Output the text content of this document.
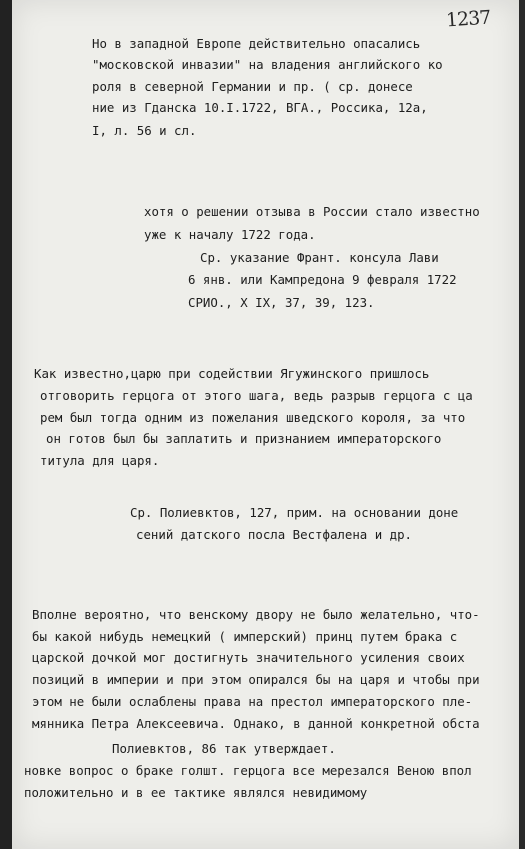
1237
Но в западной Европе действительно опасались
"московской инвазии" на владения английского ко
роля в северной Германии и пр. ( ср. донесе
ние из Гданска 10.I.1722, ВГА., Россика, 12а,
I, л. 56 и сл.
хотя о решении отзыва в России стало известно
уже к началу 1722 года.
Ср. указание Франт. консула Лави
6 янв. или Кампредона 9 февраля 1722
СРИО., X IX, 37, 39, 123.
Как известно,царю при содействии Ягужинского пришлось
отговорить герцога от этого шага, ведь разрыв герцога с ца
рем был тогда одним из пожелания шведского короля, за что
он готов был бы заплатить и признанием императорского
титула для царя.
Ср. Полиевктов, 127, прим. на основании доне
сений датского посла Вестфалена и др.
Вполне вероятно, что венскому двору не было желательно, что-
бы какой нибудь немецкий ( имперский) принц путем брака с
царской дочкой мог достигнуть значительного усиления своих
позиций в империи и при этом опирался бы на царя и чтобы при
этом не были ослаблены права на престол императорского пле-
мянника Петра Алексеевича. Однако, в данной конкретной обста
Полиевктов, 86 так утверждает.
новке вопрос о браке голшт. герцога все мерезался Веною впол
положительно и в ее тактике являлся невидимому
